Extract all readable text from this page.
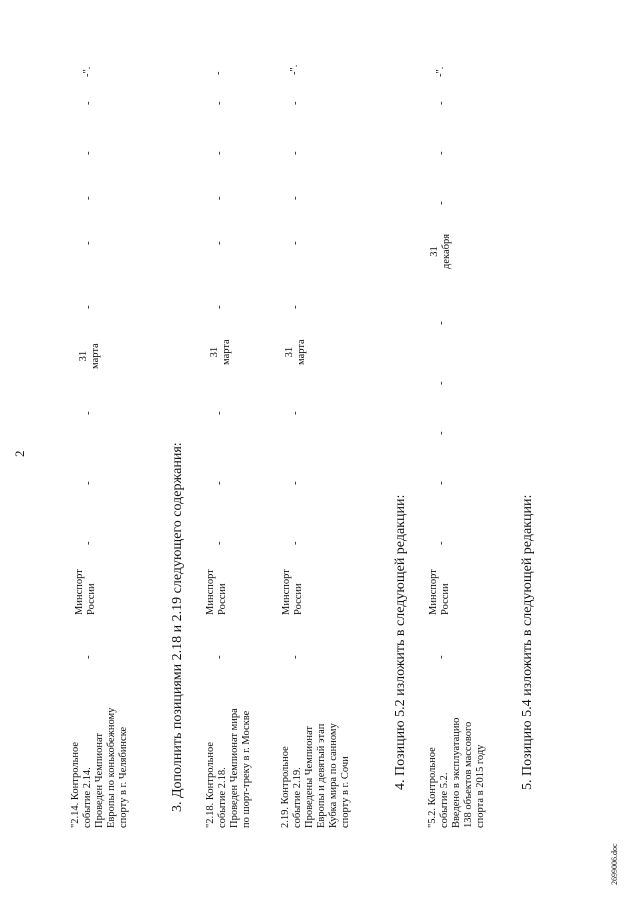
2
"2.14. Контрольное
событие 2.14.
Проведен Чемпионат
Европы по конькобежному
спорту в г. Челябинске
-
Минспорт
России
-
-
-
31
марта
-
-
-
-
-
-".
3. Дополнить позициями 2.18 и 2.19 следующего содержания:
"2.18. Контрольное
событие 2.18.
Проведен Чемпионат мира
по шорт-треку в г. Москве
-
Минспорт
России
-
-
-
31
марта
-
-
-
-
-
-
2.19. Контрольное
событие 2.19.
Проведены Чемпионат
Европы и девятый этап
Кубка мира по санному
спорту в г. Сочи
-
Минспорт
России
-
-
-
31
марта
-
-
-
-
-
-".
4. Позицию 5.2 изложить в следующей редакции:
"5.2. Контрольное
событие 5.2.
Введено в эксплуатацию
138 объектов массового
спорта в 2015 году
-
Минспорт
России
-
-
-
-
-
31
декабря
-
-
-
-".
5. Позицию 5.4 изложить в следующей редакции:
2699006.doc
